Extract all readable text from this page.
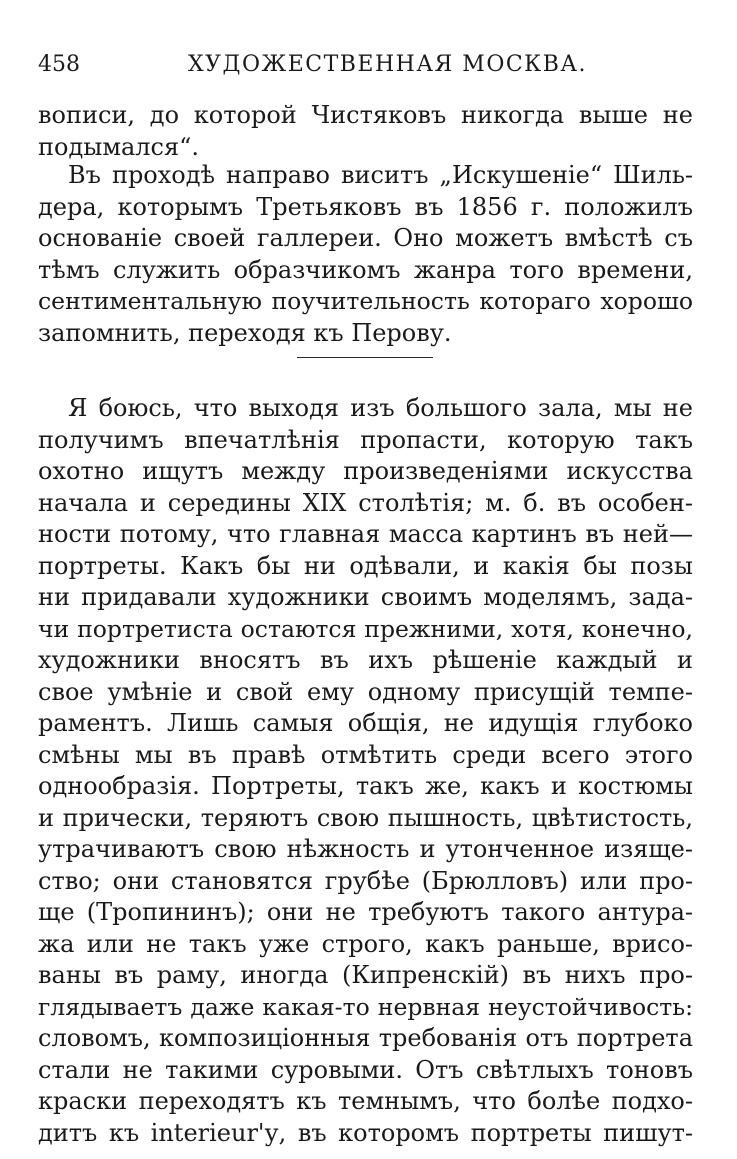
458	ХУДОЖЕСТВЕННАЯ МОСКВА.
вописи, до которой Чистяковъ никогда выше не
подымался“.
Въ проходѣ направо виситъ „Искушеніе“ Шиль-
дера, которымъ Третьяковъ въ 1856 г. положилъ
основаніе своей галлереи. Оно можетъ вмѣстѣ съ
тѣмъ служить образчикомъ жанра того времени,
сентиментальную поучительность котораго хорошо
запомнить, переходя къ Перову.
Я боюсь, что выходя изъ большого зала, мы не
получимъ впечатлѣнія пропасти, которую такъ
охотно ищутъ между произведеніями искусства
начала и середины XIX столѣтія; м. б. въ особен-
ности потому, что главная масса картинъ въ ней—
портреты. Какъ бы ни одѣвали, и какія бы позы
ни придавали художники своимъ моделямъ, зада-
чи портретиста остаются прежними, хотя, конечно,
художники вносятъ въ ихъ рѣшеніе каждый и
свое умѣніе и свой ему одному присущій темпе-
раментъ. Лишь самыя общія, не идущія глубоко
смѣны мы въ правѣ отмѣтить среди всего этого
однообразія. Портреты, такъ же, какъ и костюмы
и прически, теряютъ свою пышность, цвѣтистость,
утрачиваютъ свою нѣжность и утонченное изяще-
ство; они становятся грубѣе (Брюлловъ) или про-
ще (Тропининъ); они не требуютъ такого антура-
жа или не такъ уже строго, какъ раньше, врисо-
ваны въ раму, иногда (Кипренскій) въ нихъ про-
глядываетъ даже какая-то нервная неустойчивость:
словомъ, композиціонныя требованія отъ портрета
стали не такими суровыми. Отъ свѣтлыхъ тоновъ
краски переходятъ къ темнымъ, что болѣе подхо-
дитъ къ interieur'у, въ которомъ портреты пишут-
